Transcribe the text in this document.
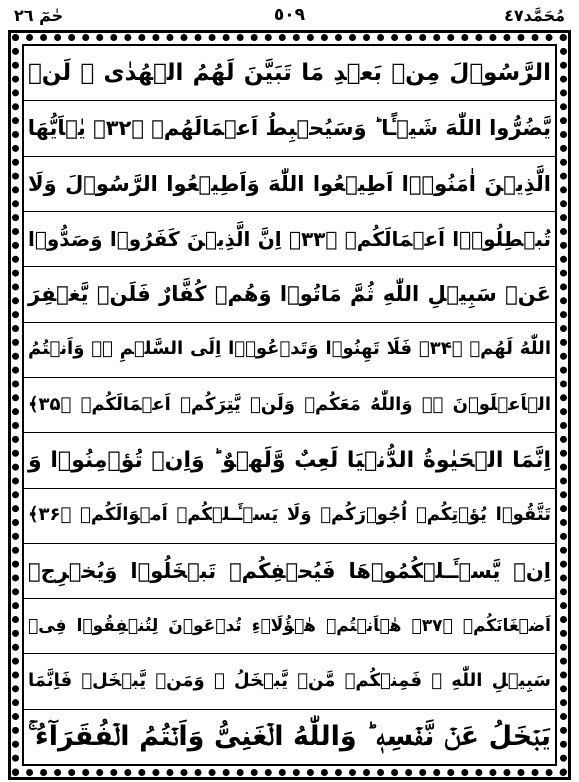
حٰمٓ ٢٦	٥٠٩	مُحَمَّد٤٧
الرَّسُوۡلَ مِنۡ بَعۡدِ مَا تَبَيَّنَ لَهُمُ الۡهُدٰى ۙ لَنۡ
يَّضُرُّوا اللّٰهَ شَيۡـًٔا ؕ وَسَيُحۡبِطُ اَعۡمَالَهُمۡ ﴿۳۲﴾ يٰۤاَيُّهَا
الَّذِيۡنَ اٰمَنُوۡۤا اَطِيۡعُوا اللّٰهَ وَاَطِيۡعُوا الرَّسُوۡلَ وَلَا
تُبۡطِلُوۡۤا اَعۡمَالَكُمۡ ﴿۳۳﴾ اِنَّ الَّذِيۡنَ كَفَرُوۡا وَصَدُّوۡا
عَنۡ سَبِيۡلِ اللّٰهِ ثُمَّ مَاتُوۡا وَهُمۡ كُفَّارٌ فَلَنۡ يَّغۡفِرَ
اللّٰهُ لَهُمۡ ﴿۳۴﴾ فَلَا تَهِنُوۡا وَتَدۡعُوۡۤا اِلَى السَّلۡمِ ۖۗ وَاَنۡتُمُ
الۡاَعۡلَوۡنَ ۖۗ وَاللّٰهُ مَعَكُمۡ وَلَنۡ يَّتِرَكُمۡ اَعۡمَالَكُمۡ ﴿۳۵﴾
اِنَّمَا الۡحَيٰوةُ الدُّنۡيَا لَعِبٌ وَّلَهۡوٌ ؕ وَاِنۡ تُؤۡمِنُوۡا وَ
تَتَّقُوۡا يُؤۡتِكُمۡ اُجُوۡرَكُمۡ وَلَا يَسۡـَٔـلۡكُمۡ اَمۡوَالَكُمۡ ﴿۳۶﴾
اِنۡ يَّسۡـَٔـلۡكُمُوۡهَا فَيُحۡفِكُمۡ تَبۡخَلُوۡا وَيُخۡرِجۡ
اَضۡغَانَكُمۡ ﴿۳۷﴾ هٰۤاَنۡتُمۡ هٰۤؤُلَاۤءِ تُدۡعَوۡنَ لِتُنۡفِقُوۡا فِىۡ
سَبِيۡلِ اللّٰهِ ۚ فَمِنۡكُمۡ مَّنۡ يَّبۡخَلُ ۚ وَمَنۡ يَّبۡخَلۡ فَاِنَّمَا
يَبۡخَلُ عَنۡ نَّفۡسِهٖ ؕ وَاللّٰهُ الۡغَنِىُّ وَاَنۡتُمُ الۡفُقَرَآءُ ۚ
